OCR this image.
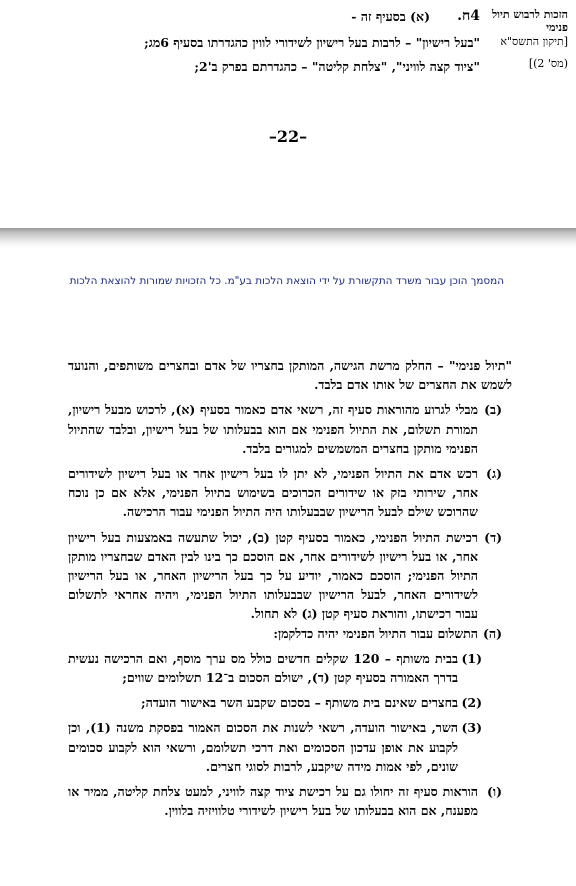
הזכות לרבוש תיול פנימי
[תיקון התשס"א
(מס' 2)]
4ח.
(א) בסעיף זה -
"בעל רישיון" – לרבות בעל רישיון לשידורי לווין כהגדרתו בסעיף 6מג;
"ציוד קצה לוויני", "צלחת קליטה" – כהגדרתם בפרק ב'2;
–22–
המסמך הוכן עבור משרד התקשורת על ידי הוצאת הלכות בע"מ. כל הזכויות שמורות להוצאת הלכות
"תיול פנימי" – החלק מרשת הגישה, המותקן בחצריו של אדם ובחצרים משותפים, והנועד לשמש את החצרים של אותו אדם בלבד.
(ב)
מבלי לגרוע מהוראות סעיף זה, רשאי אדם כאמור בסעיף (א), לרכוש מבעל רישיון, תמורת תשלום, את התיול הפנימי אם הוא בבעלותו של בעל רישיון, ובלבד שהתיול הפנימי מותקן בחצרים המשמשים למגורים בלבד.
(ג)
רכש אדם את התיול הפנימי, לא יתן לו בעל רישיון אחר או בעל רישיון לשידורים אחר, שירותי בזק או שידורים הכרוכים בשימוש בתיול הפנימי, אלא אם כן נוכח שהרוכש שילם לבעל הרישיון שבבעלותו היה התיול הפנימי עבור הרכישה.
(ד)
רכישת התיול הפנימי, כאמור בסעיף קטן (ב), יכול שתעשה באמצעות בעל רישיון אחר, או בעל רישיון לשידורים אחר, אם הוסכם כך בינו לבין האדם שבחצריו מותקן התיול הפנימי; הוסכם כאמור, יודיע על כך בעל הרישיון האחר, או בעל הרישיון לשידורים האחר, לבעל הרישיון שבבעלותו התיול הפנימי, ויהיה אחראי לתשלום עבור רכישתו, והוראת סעיף קטן (ג) לא תחול.
(ה)
התשלום עבור התיול הפנימי יהיה כדלקמן:
(1)
בבית משותף – 120 שקלים חדשים כולל מס ערך מוסף, ואם הרכישה נעשית בדרך האמורה בסעיף קטן (ד), ישולם הסכום ב־12 תשלומים שווים;
(2)
בחצרים שאינם בית משותף – בסכום שקבע השר באישור הועדה;
(3)
השר, באישור הועדה, רשאי לשנות את הסכום האמור בפסקת משנה (1), וכן לקבוע את אופן עדכון הסכומים ואת דרכי תשלומם, ורשאי הוא לקבוע סכומים שונים, לפי אמות מידה שיקבע, לרבות לסוגי חצרים.
(ו)
הוראות סעיף זה יחולו גם על רכישת ציוד קצה לוויני, למעט צלחת קליטה, ממיר או מפענח, אם הוא בבעלותו של בעל רישיון לשידורי טלוויזיה בלווין.
